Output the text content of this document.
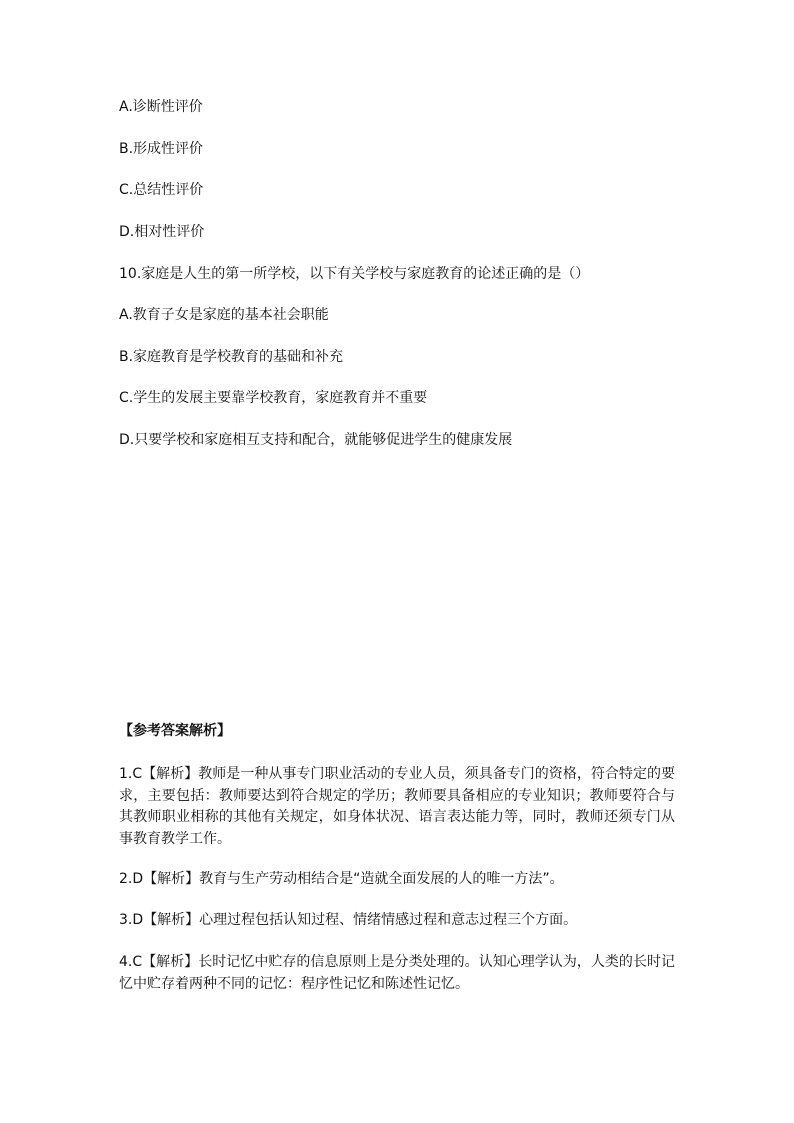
A.诊断性评价
B.形成性评价
C.总结性评价
D.相对性评价
10.家庭是人生的第一所学校，以下有关学校与家庭教育的论述正确的是（）
A.教育子女是家庭的基本社会职能
B.家庭教育是学校教育的基础和补充
C.学生的发展主要靠学校教育，家庭教育并不重要
D.只要学校和家庭相互支持和配合，就能够促进学生的健康发展
【参考答案解析】
1.C【解析】教师是一种从事专门职业活动的专业人员，须具备专门的资格，符合特定的要求，主要包括：教师要达到符合规定的学历；教师要具备相应的专业知识；教师要符合与其教师职业相称的其他有关规定，如身体状况、语言表达能力等，同时，教师还须专门从事教育教学工作。
2.D【解析】教育与生产劳动相结合是“造就全面发展的人的唯一方法”。
3.D【解析】心理过程包括认知过程、情绪情感过程和意志过程三个方面。
4.C【解析】长时记忆中贮存的信息原则上是分类处理的。认知心理学认为，人类的长时记忆中贮存着两种不同的记忆：程序性记忆和陈述性记忆。
